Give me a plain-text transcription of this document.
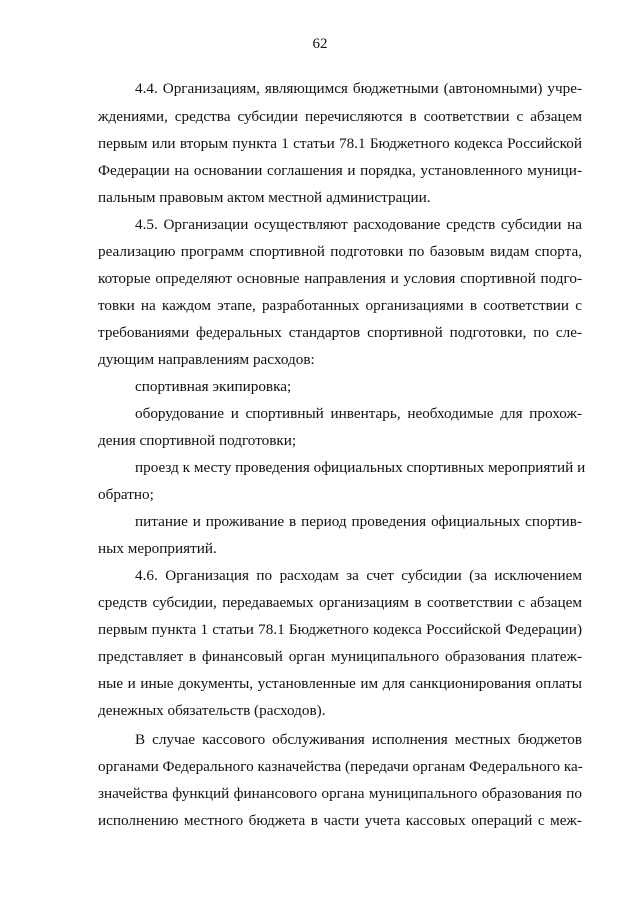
62
4.4. Организациям, являющимся бюджетными (автономными) учре-
ждениями, средства субсидии перечисляются в соответствии с абзацем
первым или вторым пункта 1 статьи 78.1 Бюджетного кодекса Российской
Федерации на основании соглашения и порядка, установленного муници-
пальным правовым актом местной администрации.
4.5. Организации осуществляют расходование средств субсидии на
реализацию программ спортивной подготовки по базовым видам спорта,
которые определяют основные направления и условия спортивной подго-
товки на каждом этапе, разработанных организациями в соответствии с
требованиями федеральных стандартов спортивной подготовки, по сле-
дующим направлениям расходов:
спортивная экипировка;
оборудование и спортивный инвентарь, необходимые для прохож-
дения спортивной подготовки;
проезд к месту проведения официальных спортивных мероприятий и
обратно;
питание и проживание в период проведения официальных спортив-
ных мероприятий.
4.6. Организация по расходам за счет субсидии (за исключением
средств субсидии, передаваемых организациям в соответствии с абзацем
первым пункта 1 статьи 78.1 Бюджетного кодекса Российской Федерации)
представляет в финансовый орган муниципального образования платеж-
ные и иные документы, установленные им для санкционирования оплаты
денежных обязательств (расходов).
В случае кассового обслуживания исполнения местных бюджетов
органами Федерального казначейства (передачи органам Федерального ка-
значейства функций финансового органа муниципального образования по
исполнению местного бюджета в части учета кассовых операций с меж-
